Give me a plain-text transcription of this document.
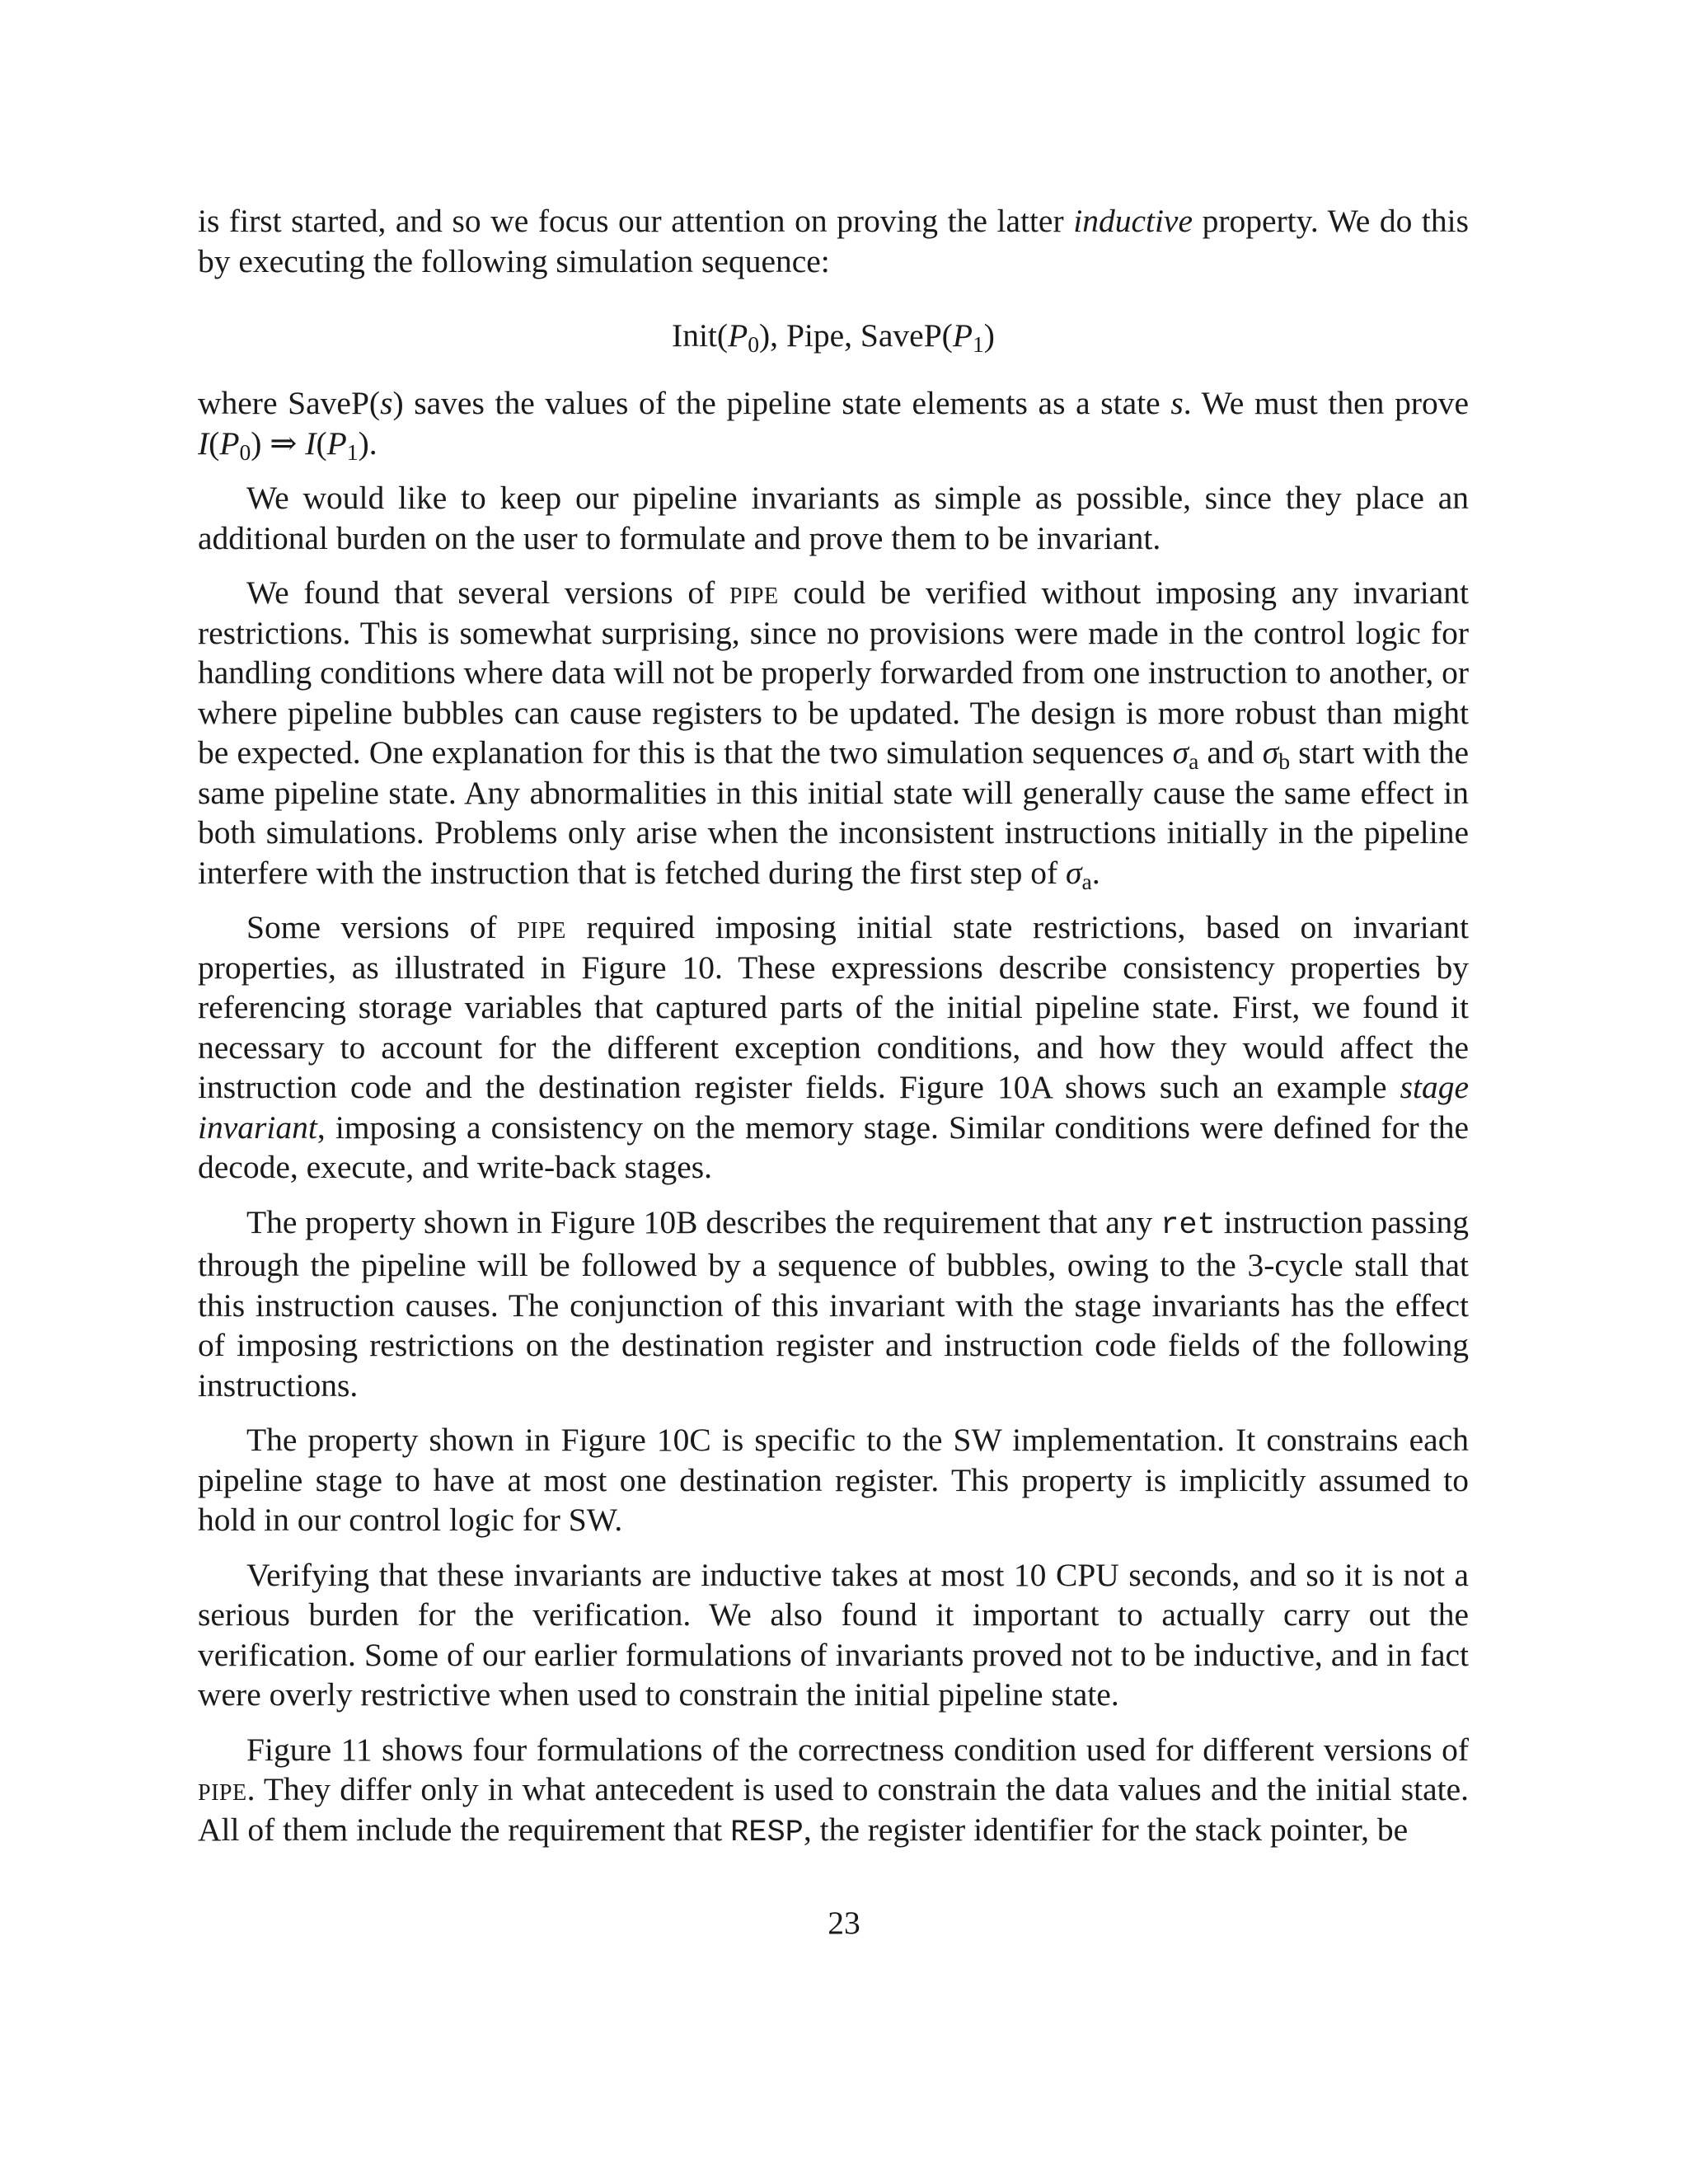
is first started, and so we focus our attention on proving the latter inductive property. We do this by executing the following simulation sequence:

$Init(P_0)$, Pipe, $SaveP(P_1)$

where SaveP(s) saves the values of the pipeline state elements as a state s. We must then prove $I(P_0)$ ⇒ $I(P_1)$.

We would like to keep our pipeline invariants as simple as possible, since they place an additional burden on the user to formulate and prove them to be invariant.

We found that several versions of pipe could be verified without imposing any invariant restrictions. This is somewhat surprising, since no provisions were made in the control logic for handling conditions where data will not be properly forwarded from one instruction to another, or where pipeline bubbles can cause registers to be updated. The design is more robust than might be expected. One explanation for this is that the two simulation sequences $\sigma_a$ and $\sigma_b$ start with the same pipeline state. Any abnormalities in this initial state will generally cause the same effect in both simulations. Problems only arise when the inconsistent instructions initially in the pipeline interfere with the instruction that is fetched during the first step of $\sigma_a$.

Some versions of pipe required imposing initial state restrictions, based on invariant properties, as illustrated in Figure 10. These expressions describe consistency properties by referencing storage variables that captured parts of the initial pipeline state. First, we found it necessary to account for the different exception conditions, and how they would affect the instruction code and the destination register fields. Figure 10A shows such an example stage invariant, imposing a consistency on the memory stage. Similar conditions were defined for the decode, execute, and write-back stages.

The property shown in Figure 10B describes the requirement that any ret instruction passing through the pipeline will be followed by a sequence of bubbles, owing to the 3-cycle stall that this instruction causes. The conjunction of this invariant with the stage invariants has the effect of imposing restrictions on the destination register and instruction code fields of the following instructions.

The property shown in Figure 10C is specific to the SW implementation. It constrains each pipeline stage to have at most one destination register. This property is implicitly assumed to hold in our control logic for SW.

Verifying that these invariants are inductive takes at most 10 CPU seconds, and so it is not a serious burden for the verification. We also found it important to actually carry out the verification. Some of our earlier formulations of invariants proved not to be inductive, and in fact were overly restrictive when used to constrain the initial pipeline state.

Figure 11 shows four formulations of the correctness condition used for different versions of pipe. They differ only in what antecedent is used to constrain the data values and the initial state. All of them include the requirement that RESP, the register identifier for the stack pointer, be

23
